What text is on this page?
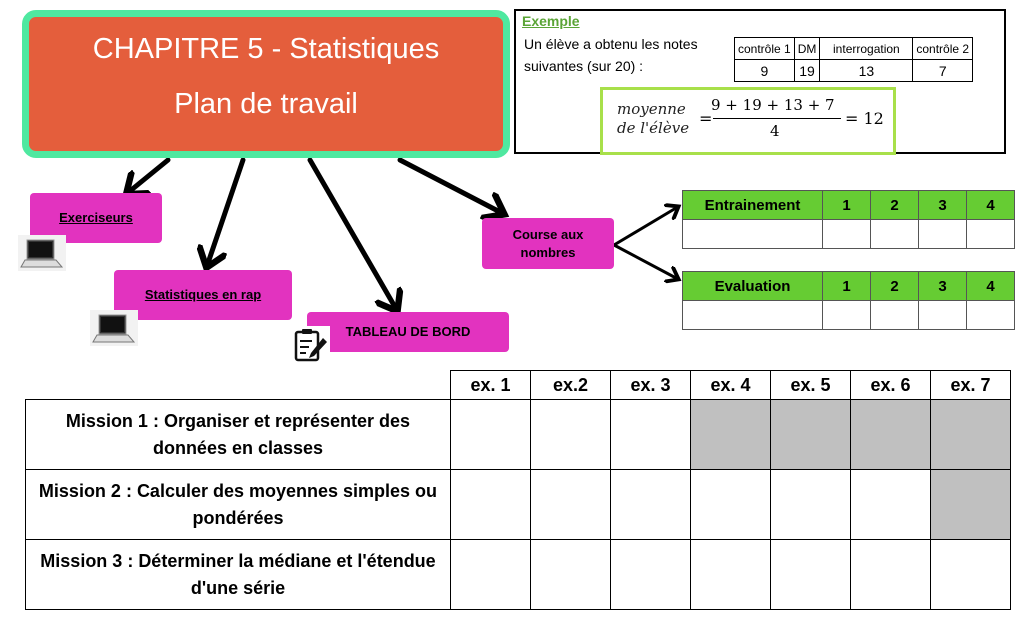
CHAPITRE 5 - Statistiques
Plan de travail
Exemple
Un élève a obtenu les notes suivantes (sur 20) :
contrôle 1	DM	interrogation	contrôle 2
9	19	13	7
moyenne
de l'élève =
9 + 19 + 13 + 7
4
= 12
Exerciseurs
Statistiques en rap
TABLEAU DE BORD
Course aux nombres
Entrainement	1	2	3	4

Evaluation	1	2	3	4

	ex. 1	ex.2	ex. 3	ex. 4	ex. 5	ex. 6	ex. 7
Mission 1 : Organiser et représenter des données en classes							
Mission 2 : Calculer des moyennes simples ou pondérées							
Mission 3 : Déterminer la médiane et l'étendue d'une série							
